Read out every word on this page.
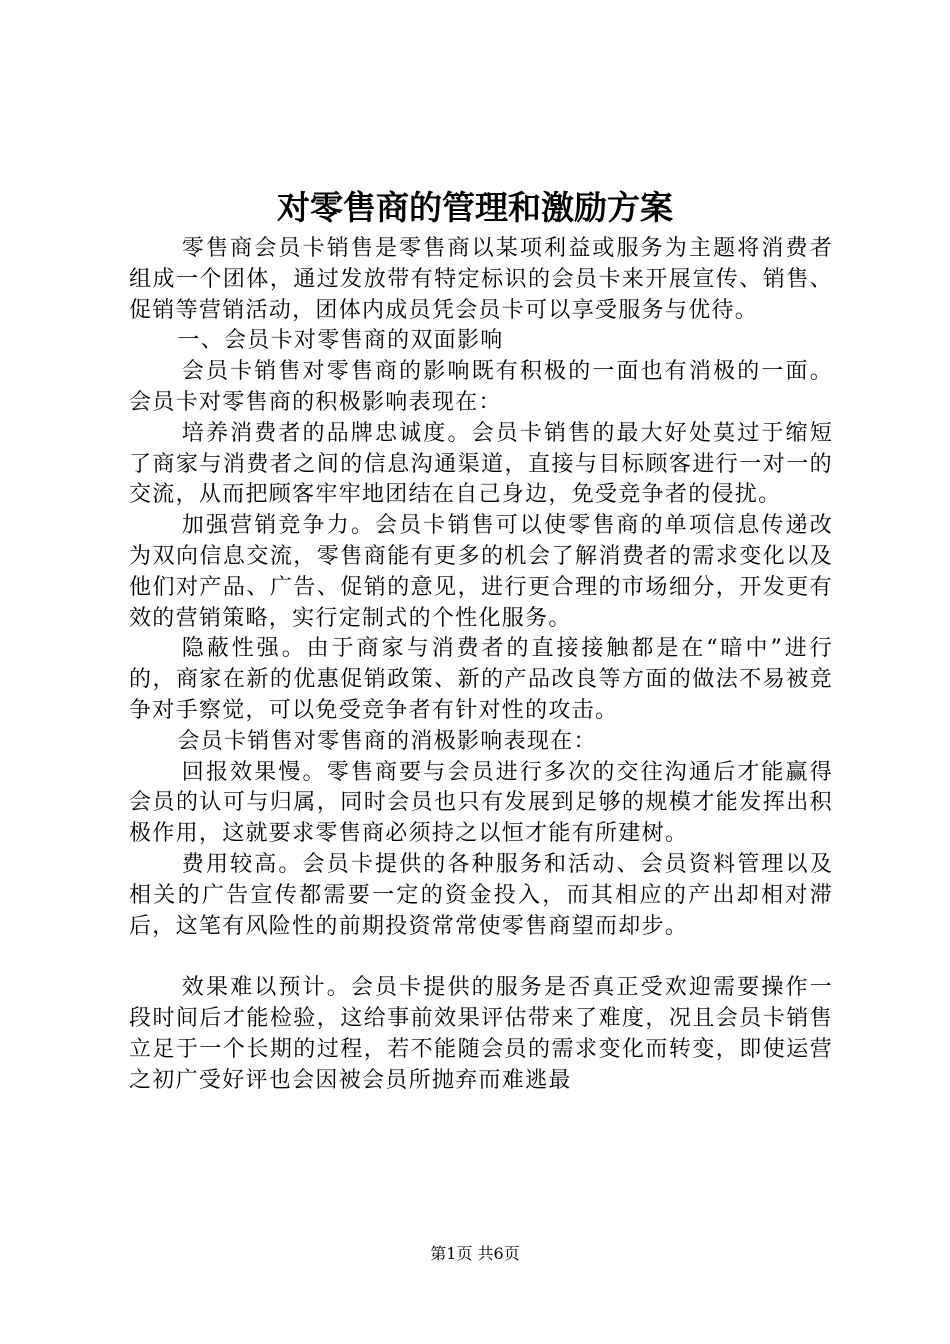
对零售商的管理和激励方案

零售商会员卡销售是零售商以某项利益或服务为主题将消费者组成一个团体，通过发放带有特定标识的会员卡来开展宣传、销售、促销等营销活动，团体内成员凭会员卡可以享受服务与优待。

一、会员卡对零售商的双面影响

会员卡销售对零售商的影响既有积极的一面也有消极的一面。会员卡对零售商的积极影响表现在：

培养消费者的品牌忠诚度。会员卡销售的最大好处莫过于缩短了商家与消费者之间的信息沟通渠道，直接与目标顾客进行一对一的交流，从而把顾客牢牢地团结在自己身边，免受竞争者的侵扰。

加强营销竞争力。会员卡销售可以使零售商的单项信息传递改为双向信息交流，零售商能有更多的机会了解消费者的需求变化以及他们对产品、广告、促销的意见，进行更合理的市场细分，开发更有效的营销策略，实行定制式的个性化服务。

隐蔽性强。由于商家与消费者的直接接触都是在“暗中”进行的，商家在新的优惠促销政策、新的产品改良等方面的做法不易被竞争对手察觉，可以免受竞争者有针对性的攻击。

会员卡销售对零售商的消极影响表现在：

回报效果慢。零售商要与会员进行多次的交往沟通后才能赢得会员的认可与归属，同时会员也只有发展到足够的规模才能发挥出积极作用，这就要求零售商必须持之以恒才能有所建树。

费用较高。会员卡提供的各种服务和活动、会员资料管理以及相关的广告宣传都需要一定的资金投入，而其相应的产出却相对滞后，这笔有风险性的前期投资常常使零售商望而却步。

效果难以预计。会员卡提供的服务是否真正受欢迎需要操作一段时间后才能检验，这给事前效果评估带来了难度，况且会员卡销售立足于一个长期的过程，若不能随会员的需求变化而转变，即使运营之初广受好评也会因被会员所抛弃而难逃最

第1页 共6页
